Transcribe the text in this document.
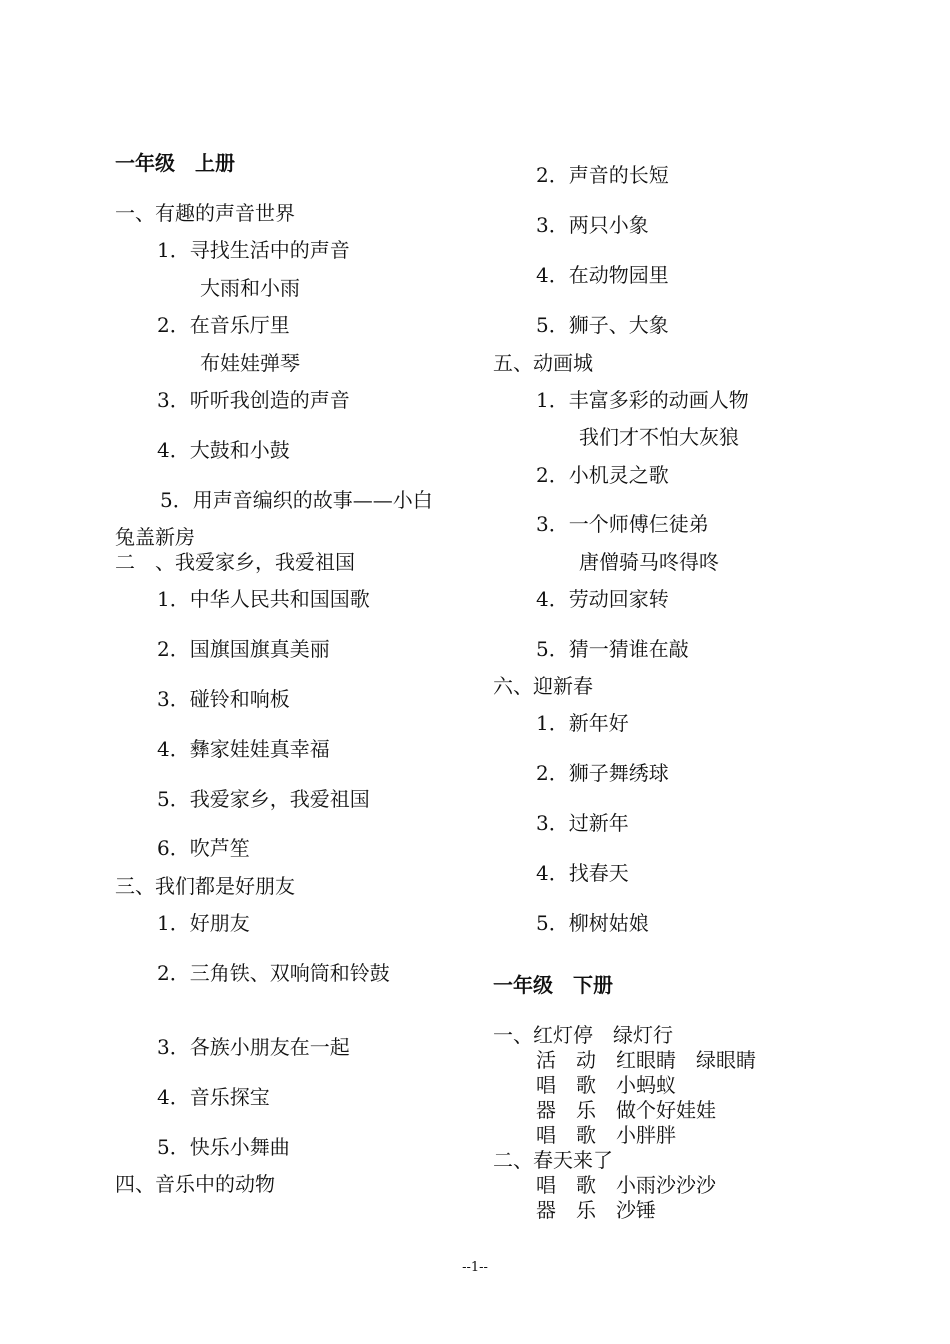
一年级　上册
一、有趣的声音世界
1．寻找生活中的声音
大雨和小雨
2．在音乐厅里
布娃娃弹琴
3．听听我创造的声音
4．大鼓和小鼓
5．用声音编织的故事——小白
兔盖新房
二　、我爱家乡，我爱祖国
1．中华人民共和国国歌
2．国旗国旗真美丽
3．碰铃和响板
4．彝家娃娃真幸福
5．我爱家乡，我爱祖国
6．吹芦笙
三、我们都是好朋友
1．好朋友
2．三角铁、双响筒和铃鼓
3．各族小朋友在一起
4．音乐探宝
5．快乐小舞曲
四、音乐中的动物
2．声音的长短
3．两只小象
4．在动物园里
5．狮子、大象
五、动画城
1．丰富多彩的动画人物
我们才不怕大灰狼
2．小机灵之歌
3．一个师傅仨徒弟
唐僧骑马咚得咚
4．劳动回家转
5．猜一猜谁在敲
六、迎新春
1．新年好
2．狮子舞绣球
3．过新年
4．找春天
5．柳树姑娘
一年级　下册
一、红灯停　绿灯行
活　动　红眼睛　绿眼睛
唱　歌　小蚂蚁
器　乐　做个好娃娃
唱　歌　小胖胖
二、春天来了
唱　歌　小雨沙沙沙
器　乐　沙锤
--1--
